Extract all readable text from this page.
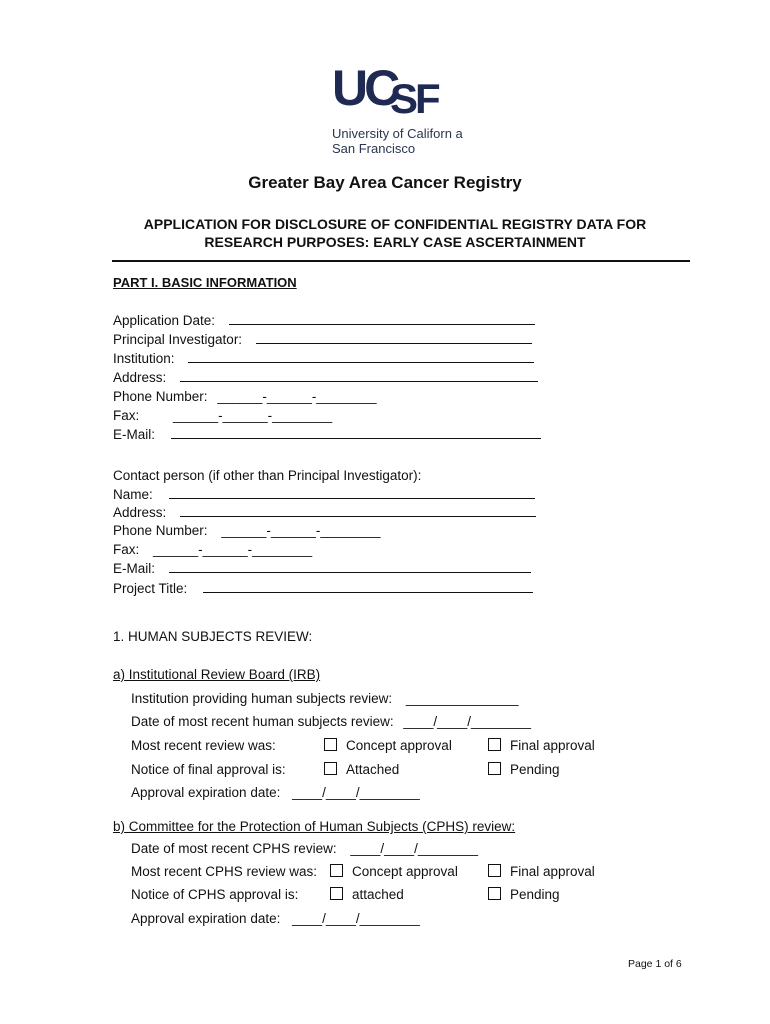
UC
SF
University of Californ a
San Francisco
Greater Bay Area Cancer Registry
APPLICATION FOR DISCLOSURE OF CONFIDENTIAL REGISTRY DATA FOR
RESEARCH PURPOSES: EARLY CASE ASCERTAINMENT
PART I. BASIC INFORMATION
Application Date:
Principal Investigator:
Institution:
Address:
Phone Number: ______-______-________
Fax:	______-______-________
E-Mail:
Contact person (if other than Principal Investigator):
Name:
Address:
Phone Number: ______-______-________
Fax: ______-______-________
E-Mail:
Project Title:
1. HUMAN SUBJECTS REVIEW:
a) Institutional Review Board (IRB)
Institution providing human subjects review: _______________
Date of most recent human subjects review: ____/____/________
Most recent review was:	Concept approval	Final approval
Notice of final approval is:	Attached	Pending
Approval expiration date: ____/____/________
b) Committee for the Protection of Human Subjects (CPHS) review:
Date of most recent CPHS review: ____/____/________
Most recent CPHS review was:	Concept approval	Final approval
Notice of CPHS approval is:	attached	Pending
Approval expiration date: ____/____/________
Page 1 of 6
